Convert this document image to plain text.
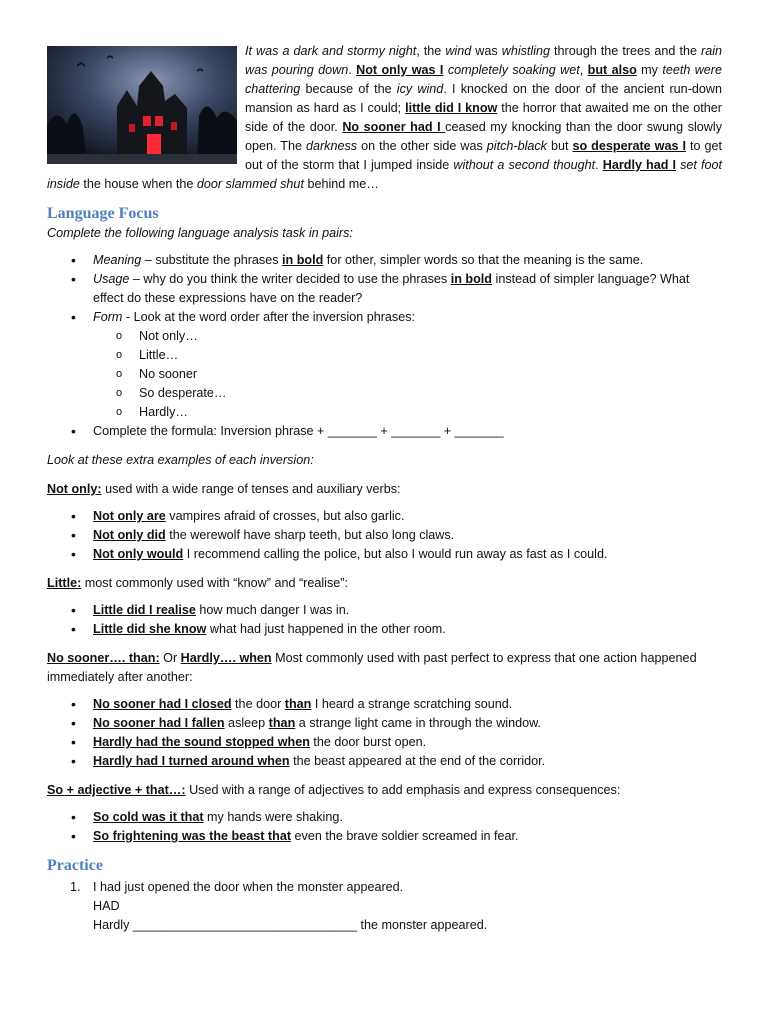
It was a dark and stormy night, the wind was whistling through the trees and the rain was pouring down. Not only was I completely soaking wet, but also my teeth were chattering because of the icy wind. I knocked on the door of the ancient run-down mansion as hard as I could; little did I know the horror that awaited me on the other side of the door. No sooner had I ceased my knocking than the door swung slowly open. The darkness on the other side was pitch-black but so desperate was I to get out of the storm that I jumped inside without a second thought. Hardly had I set foot inside the house when the door slammed shut behind me…

Language Focus

Complete the following language analysis task in pairs:

• Meaning – substitute the phrases in bold for other, simpler words so that the meaning is the same.
• Usage – why do you think the writer decided to use the phrases in bold instead of simpler language? What effect do these expressions have on the reader?
• Form - Look at the word order after the inversion phrases:
o Not only…
o Little…
o No sooner
o So desperate…
o Hardly…
• Complete the formula: Inversion phrase + _______ + _______ + _______

Look at these extra examples of each inversion:

Not only: used with a wide range of tenses and auxiliary verbs:

• Not only are vampires afraid of crosses, but also garlic.
• Not only did the werewolf have sharp teeth, but also long claws.
• Not only would I recommend calling the police, but also I would run away as fast as I could.

Little: most commonly used with “know” and “realise”:

• Little did I realise how much danger I was in.
• Little did she know what had just happened in the other room.

No sooner…. than: Or Hardly…. when Most commonly used with past perfect to express that one action happened immediately after another:

• No sooner had I closed the door than I heard a strange scratching sound.
• No sooner had I fallen asleep than a strange light came in through the window.
• Hardly had the sound stopped when the door burst open.
• Hardly had I turned around when the beast appeared at the end of the corridor.

So + adjective + that…: Used with a range of adjectives to add emphasis and express consequences:

• So cold was it that my hands were shaking.
• So frightening was the beast that even the brave soldier screamed in fear.
Practice
1. I had just opened the door when the monster appeared.
HAD
Hardly ________________________________ the monster appeared.
